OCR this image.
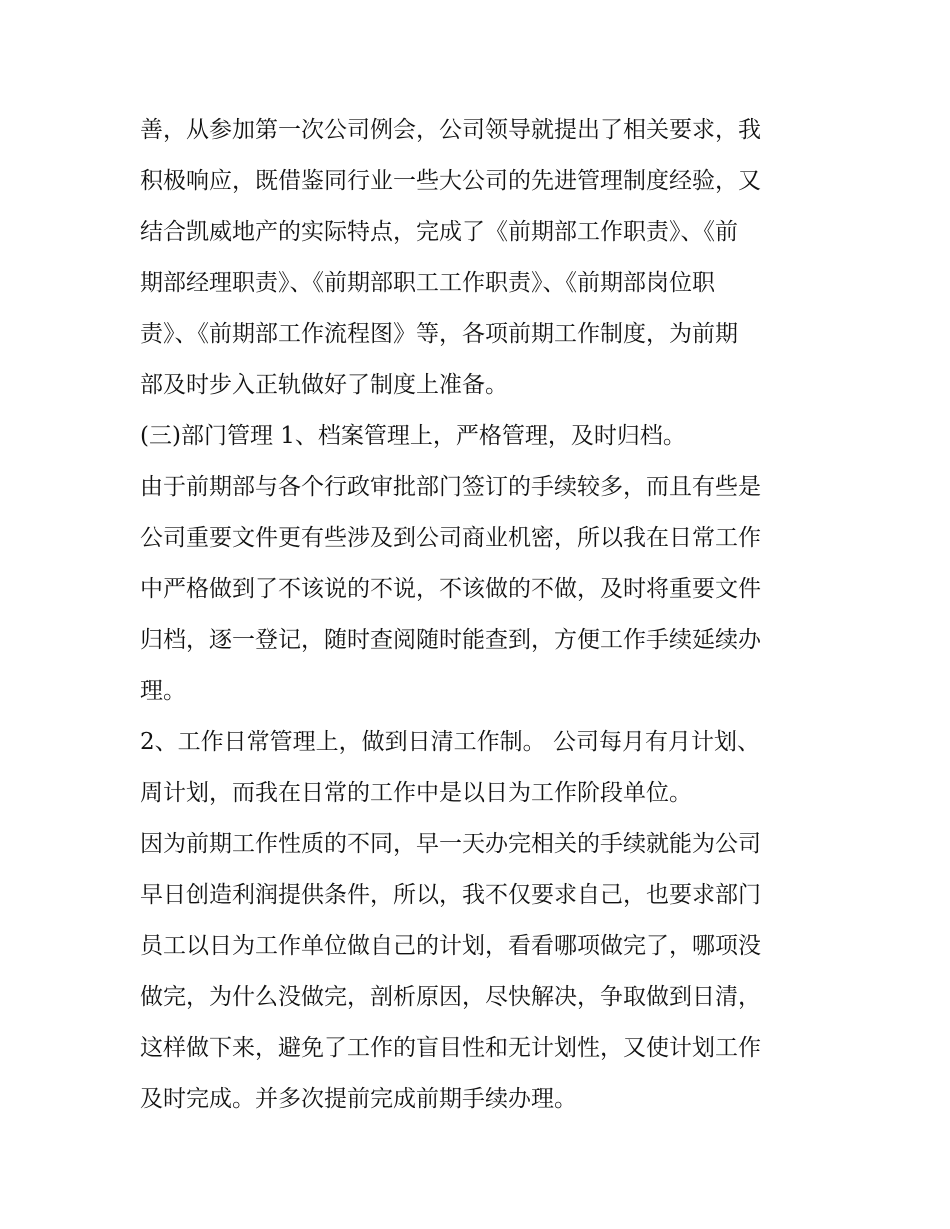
善，从参加第一次公司例会，公司领导就提出了相关要求，我
积极响应，既借鉴同行业一些大公司的先进管理制度经验，又
结合凯威地产的实际特点，完成了《前期部工作职责》、《前
期部经理职责》、《前期部职工工作职责》、《前期部岗位职
责》、《前期部工作流程图》等，各项前期工作制度，为前期
部及时步入正轨做好了制度上准备。
(三)部门管理 1、档案管理上，严格管理，及时归档。
由于前期部与各个行政审批部门签订的手续较多，而且有些是
公司重要文件更有些涉及到公司商业机密，所以我在日常工作
中严格做到了不该说的不说，不该做的不做，及时将重要文件
归档，逐一登记，随时查阅随时能查到，方便工作手续延续办
理。
2、工作日常管理上，做到日清工作制。 公司每月有月计划、
周计划，而我在日常的工作中是以日为工作阶段单位。
因为前期工作性质的不同，早一天办完相关的手续就能为公司
早日创造利润提供条件，所以，我不仅要求自己，也要求部门
员工以日为工作单位做自己的计划，看看哪项做完了，哪项没
做完，为什么没做完，剖析原因，尽快解决，争取做到日清，
这样做下来，避免了工作的盲目性和无计划性，又使计划工作
及时完成。并多次提前完成前期手续办理。
